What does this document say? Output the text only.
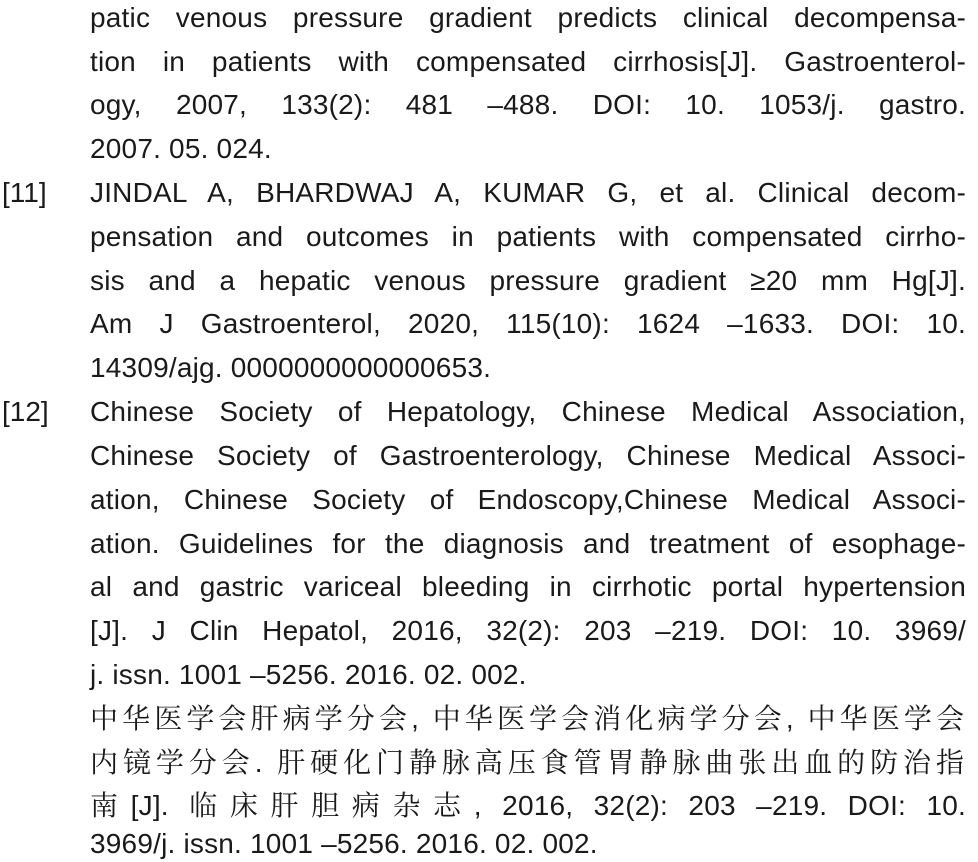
patic venous pressure gradient predicts clinical decompensa-
tion in patients with compensated cirrhosis[J]. Gastroenterol-
ogy, 2007, 133(2): 481 –488. DOI: 10. 1053/j. gastro.
2007. 05. 024.
[11] JINDAL A, BHARDWAJ A, KUMAR G, et al. Clinical decom-
pensation and outcomes in patients with compensated cirrho-
sis and a hepatic venous pressure gradient ≥20 mm Hg[J].
Am J Gastroenterol, 2020, 115(10): 1624 –1633. DOI: 10.
14309/ajg. 0000000000000653.
[12] Chinese Society of Hepatology, Chinese Medical Association,
Chinese Society of Gastroenterology, Chinese Medical Associ-
ation, Chinese Society of Endoscopy,Chinese Medical Associ-
ation. Guidelines for the diagnosis and treatment of esophage-
al and gastric variceal bleeding in cirrhotic portal hypertension
[J]. J Clin Hepatol, 2016, 32(2): 203 –219. DOI: 10. 3969/
j. issn. 1001 –5256. 2016. 02. 002.
中华医学会肝病学分会, 中华医学会消化病学分会, 中华医学会
内镜学分会. 肝硬化门静脉高压食管胃静脉曲张出血的防治指
南[J]. 临床肝胆病杂志, 2016, 32(2): 203 –219. DOI: 10.
3969/j. issn. 1001 –5256. 2016. 02. 002.
